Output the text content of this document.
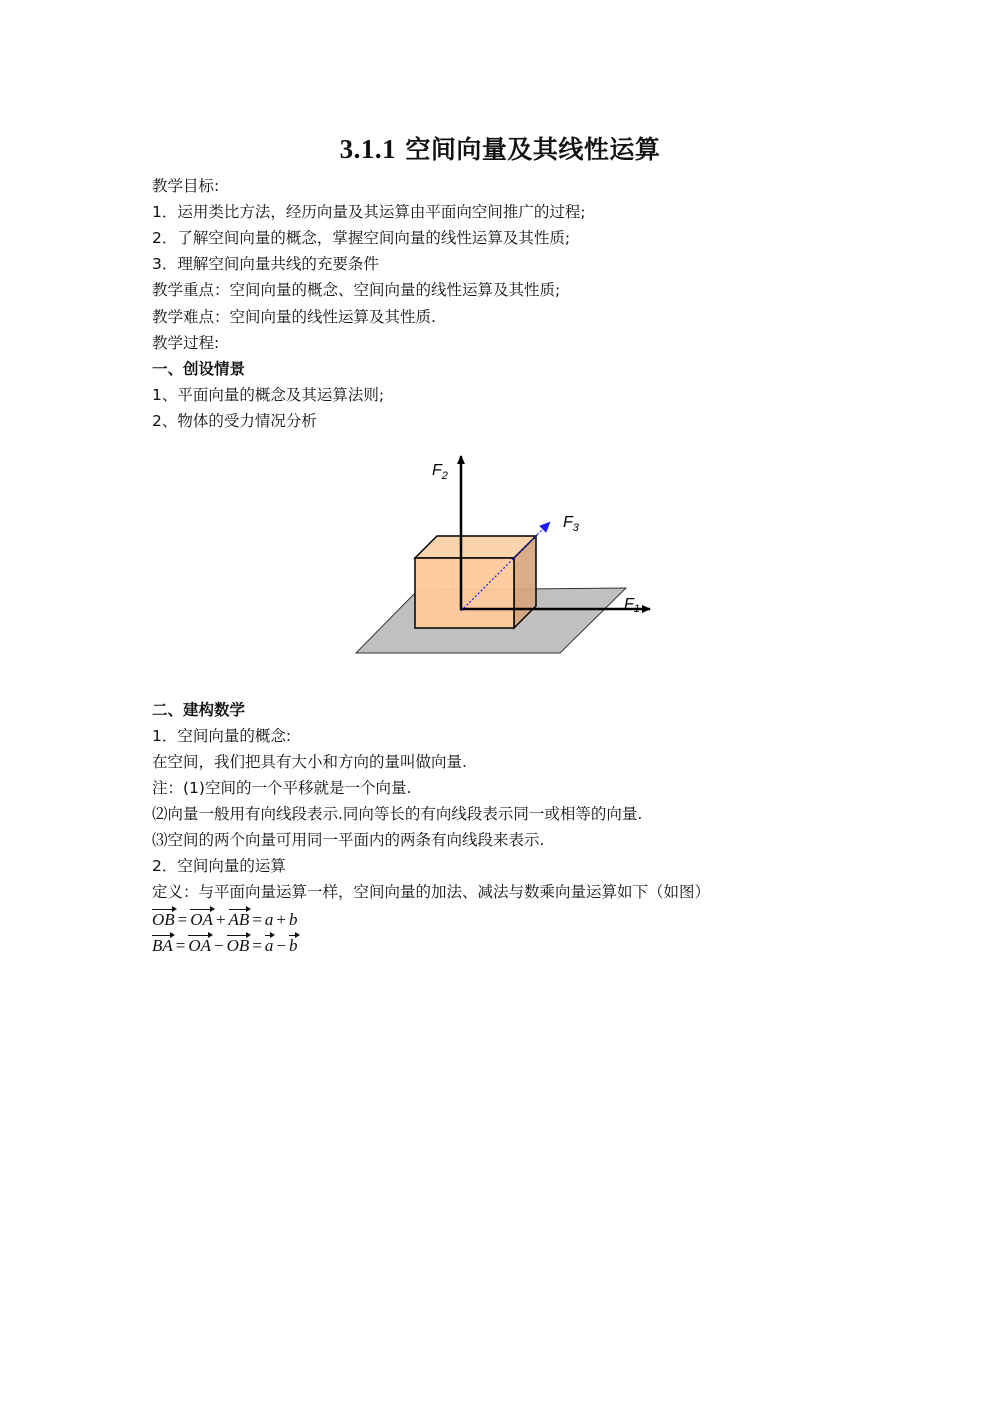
3.1.1 空间向量及其线性运算
教学目标:
1．运用类比方法，经历向量及其运算由平面向空间推广的过程;
2．了解空间向量的概念，掌握空间向量的线性运算及其性质;
3．理解空间向量共线的充要条件
教学重点：空间向量的概念、空间向量的线性运算及其性质;
教学难点：空间向量的线性运算及其性质.
教学过程:
一、创设情景
1、平面向量的概念及其运算法则;
2、物体的受力情况分析
$F_2$
$F_3$
F1
二、建构数学
1．空间向量的概念:
在空间，我们把具有大小和方向的量叫做向量.
注：(1)空间的一个平移就是一个向量.
⑵向量一般用有向线段表示.同向等长的有向线段表示同一或相等的向量.
⑶空间的两个向量可用同一平面内的两条有向线段来表示.
2．空间向量的运算
定义：与平面向量运算一样，空间向量的加法、减法与数乘向量运算如下（如图）
OB = OA + AB = a + b
BA = OA − OB = a − b
